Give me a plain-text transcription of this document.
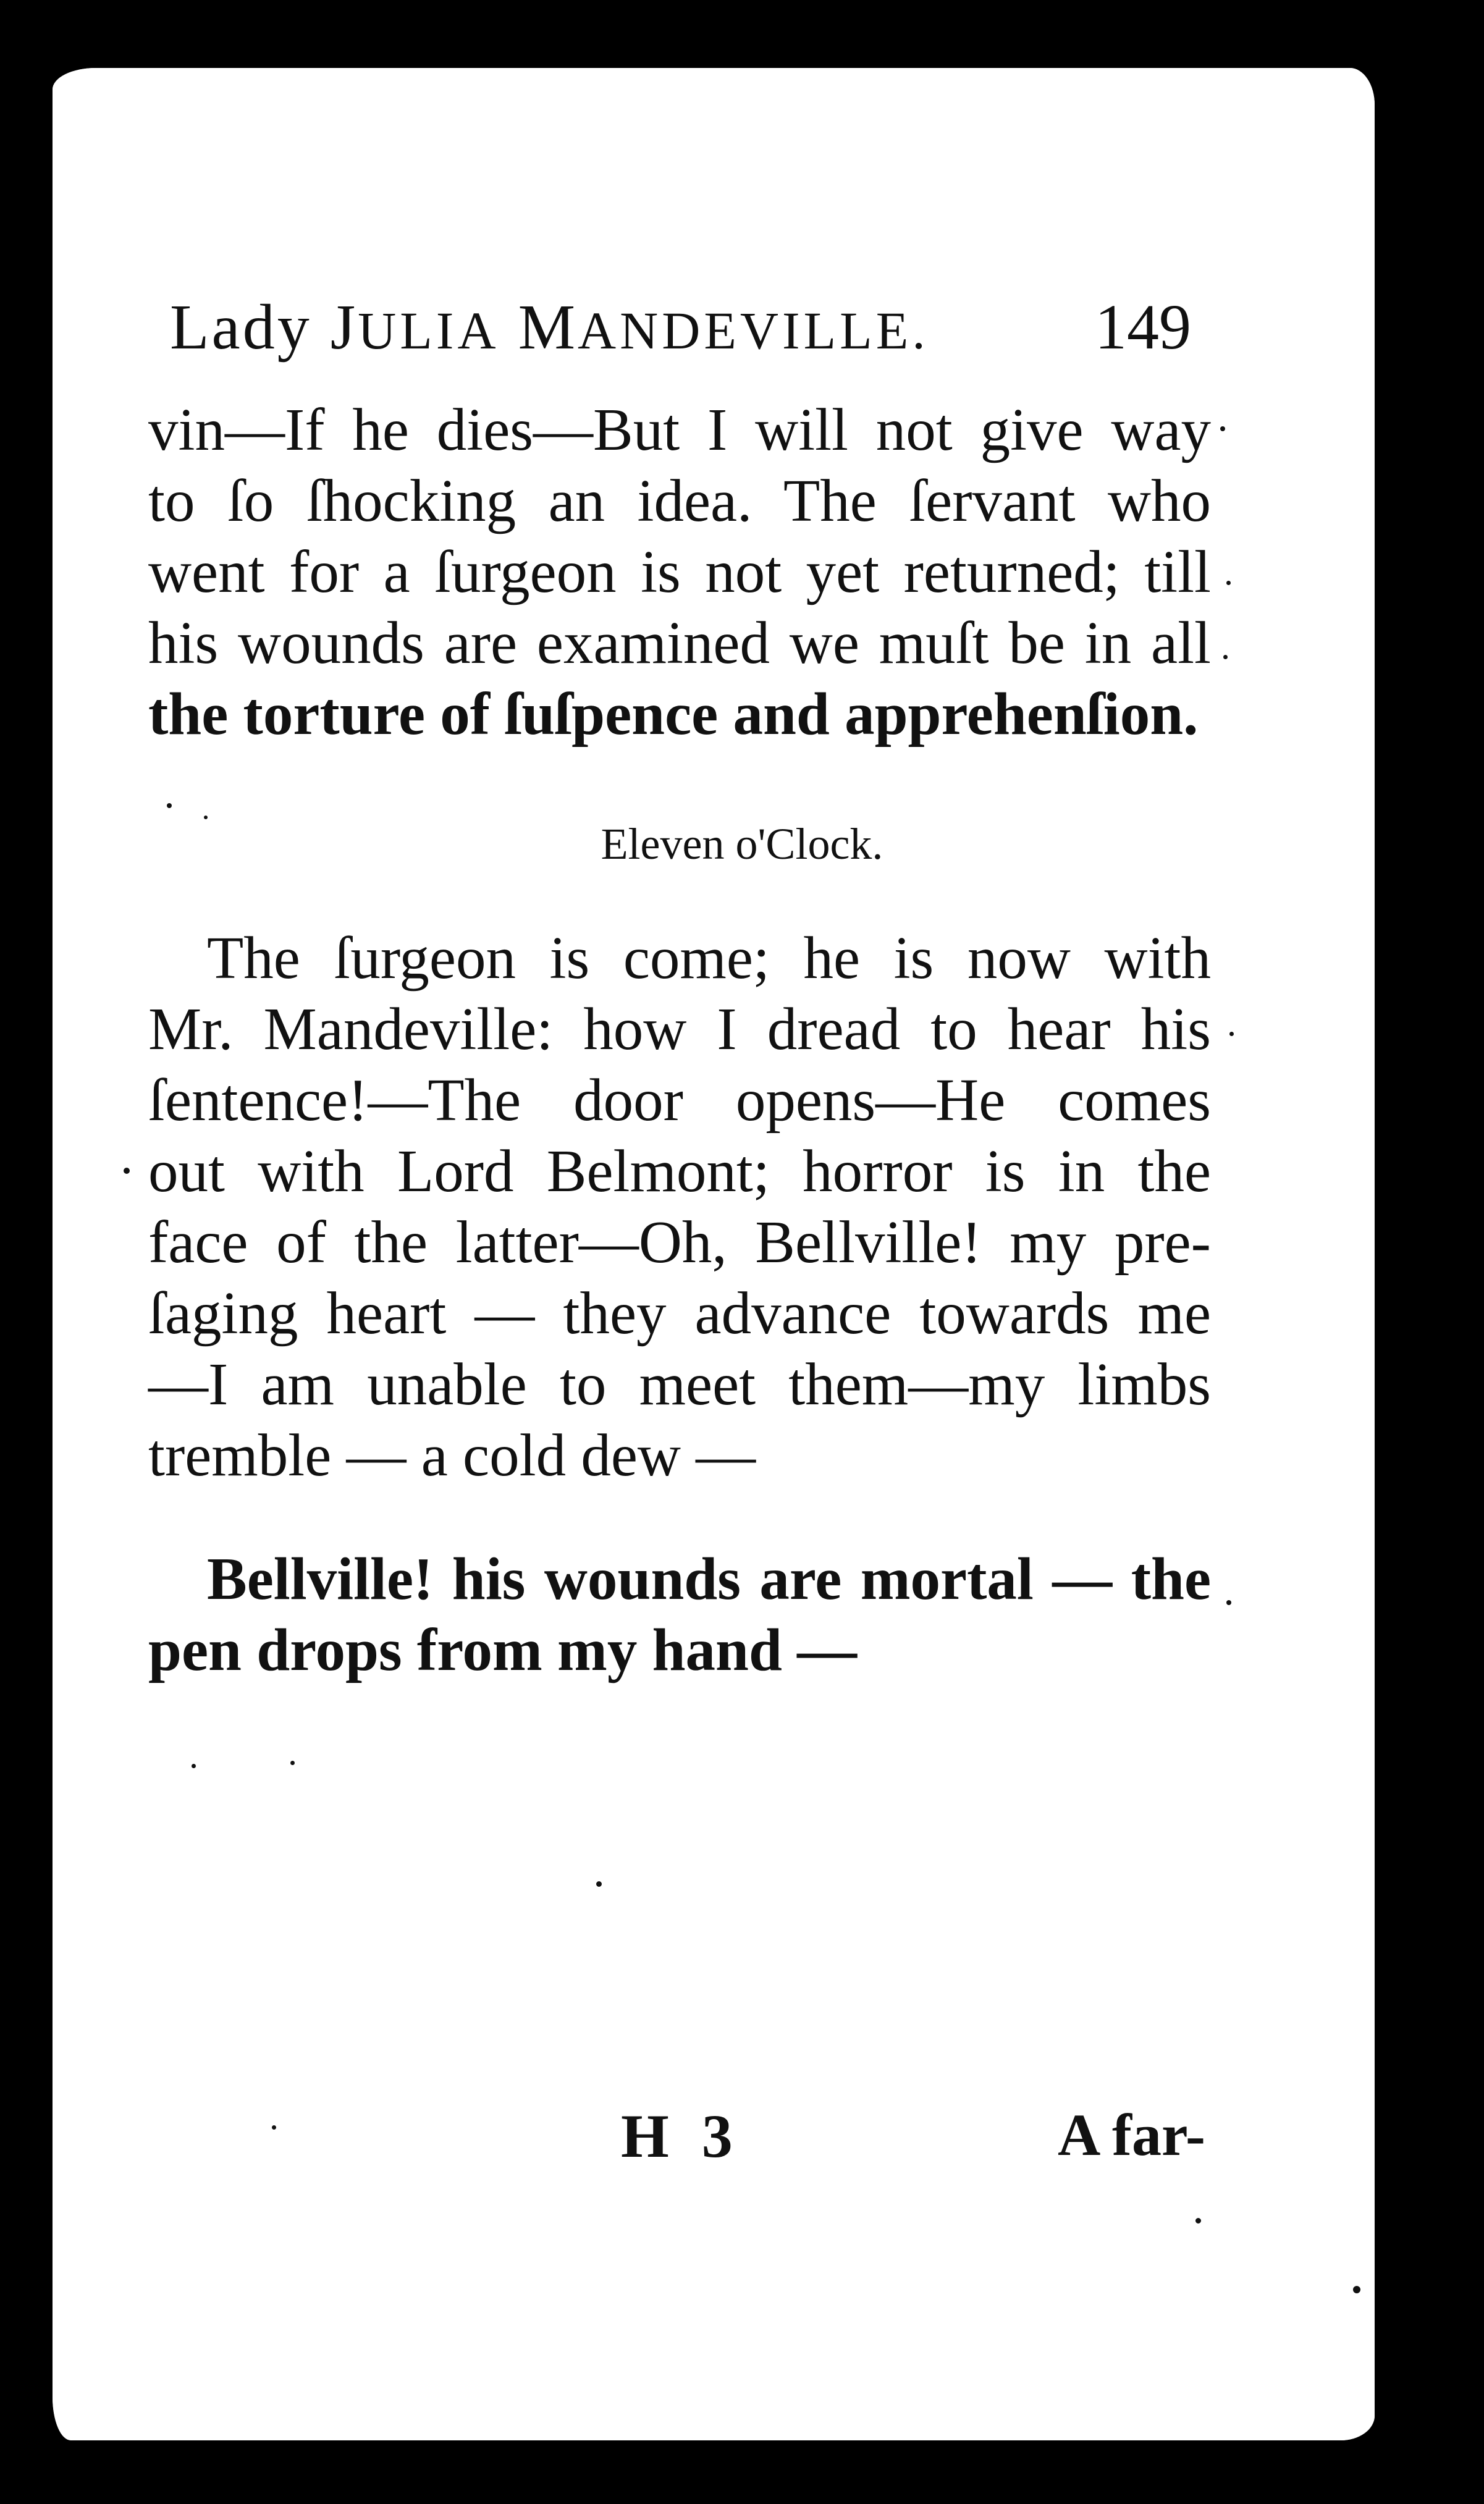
Lady JULIA MANDEVILLE.	149
vin—If he dies—But I will not give way
to ſo ſhocking an idea. The ſervant who
went for a ſurgeon is not yet returned; till
his wounds are examined we muſt be in all
the torture of ſuſpence and apprehenſion.
Eleven o'Clock.
The ſurgeon is come; he is now with
Mr. Mandeville: how I dread to hear his
ſentence!—The door opens—He comes
out with Lord Belmont; horror is in the
face of the latter—Oh, Bellville! my pre-
ſaging heart — they advance towards me
—I am unable to meet them—my limbs
tremble — a cold dew —
Bellville! his wounds are mortal — the
pen drops from my hand —
H 3	A far-
